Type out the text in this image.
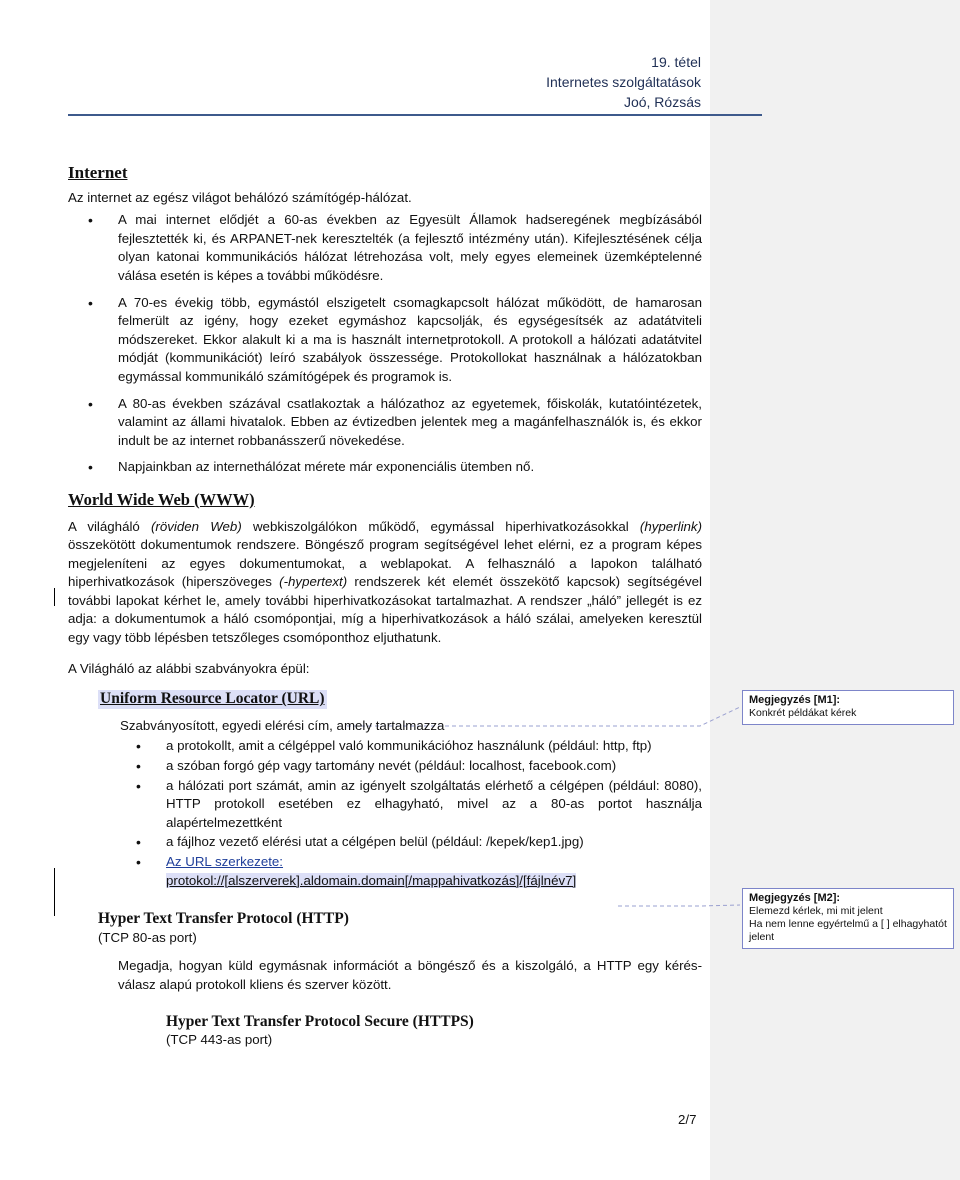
19. tétel
Internetes szolgáltatások
Joó, Rózsás
Internet

Az internet az egész világot behálózó számítógép-hálózat.

• A mai internet elődjét a 60-as években az Egyesült Államok hadseregének megbízásából fejlesztették ki, és ARPANET-nek keresztelték (a fejlesztő intézmény után). Kifejlesztésének célja olyan katonai kommunikációs hálózat létrehozása volt, mely egyes elemeinek üzemképtelenné válása esetén is képes a további működésre.
• A 70-es évekig több, egymástól elszigetelt csomagkapcsolt hálózat működött, de hamarosan felmerült az igény, hogy ezeket egymáshoz kapcsolják, és egységesítsék az adatátviteli módszereket. Ekkor alakult ki a ma is használt internetprotokoll. A protokoll a hálózati adatátvitel módját (kommunikációt) leíró szabályok összessége. Protokollokat használnak a hálózatokban egymással kommunikáló számítógépek és programok is.
• A 80-as években százával csatlakoztak a hálózathoz az egyetemek, főiskolák, kutatóintézetek, valamint az állami hivatalok. Ebben az évtizedben jelentek meg a magánfelhasználók is, és ekkor indult be az internet robbanásszerű növekedése.
• Napjainkban az internethálózat mérete már exponenciális ütemben nő.
World Wide Web (WWW)

A világháló (röviden Web) webkiszolgálókon működő, egymással hiperhivatkozásokkal (hyperlink) összekötött dokumentumok rendszere. Böngésző program segítségével lehet elérni, ez a program képes megjeleníteni az egyes dokumentumokat, a weblapokat. A felhasználó a lapokon található hiperhivatkozások (hiperszöveges (-hypertext) rendszerek két elemét összekötő kapcsok) segítségével további lapokat kérhet le, amely további hiperhivatkozásokat tartalmazhat. A rendszer „háló” jellegét is ez adja: a dokumentumok a háló csomópontjai, míg a hiperhivatkozások a háló szálai, amelyeken keresztül egy vagy több lépésben tetszőleges csomóponthoz eljuthatunk.

A Világháló az alábbi szabványokra épül:

Uniform Resource Locator (URL)

Szabványosított, egyedi elérési cím, amely tartalmazza

• a protokollt, amit a célgéppel való kommunikációhoz használunk (például: http, ftp)
• a szóban forgó gép vagy tartomány nevét (például: localhost, facebook.com)
• a hálózati port számát, amin az igényelt szolgáltatás elérhető a célgépen (például: 8080), HTTP protokoll esetében ez elhagyható, mivel az a 80-as portot használja alapértelmezettként
• a fájlhoz vezető elérési utat a célgépen belül (például: /kepek/kep1.jpg)
• Az URL szerkezete:
protokol://[alszerverek].aldomain.domain[/mappahivatkozás]/[fájlnév7]
Hyper Text Transfer Protocol (HTTP)

(TCP 80-as port)

Megadja, hogyan küld egymásnak információt a böngésző és a kiszolgáló, a HTTP egy kérés-válasz alapú protokoll kliens és szerver között.

Hyper Text Transfer Protocol Secure (HTTPS)

(TCP 443-as port)

Megjegyzés [M1]:
Konkrét példákat kérek
Megjegyzés [M2]:
Elemezd kérlek, mi mit jelent
Ha nem lenne egyértelmű a [ ] elhagyhatót jelent
2/7
